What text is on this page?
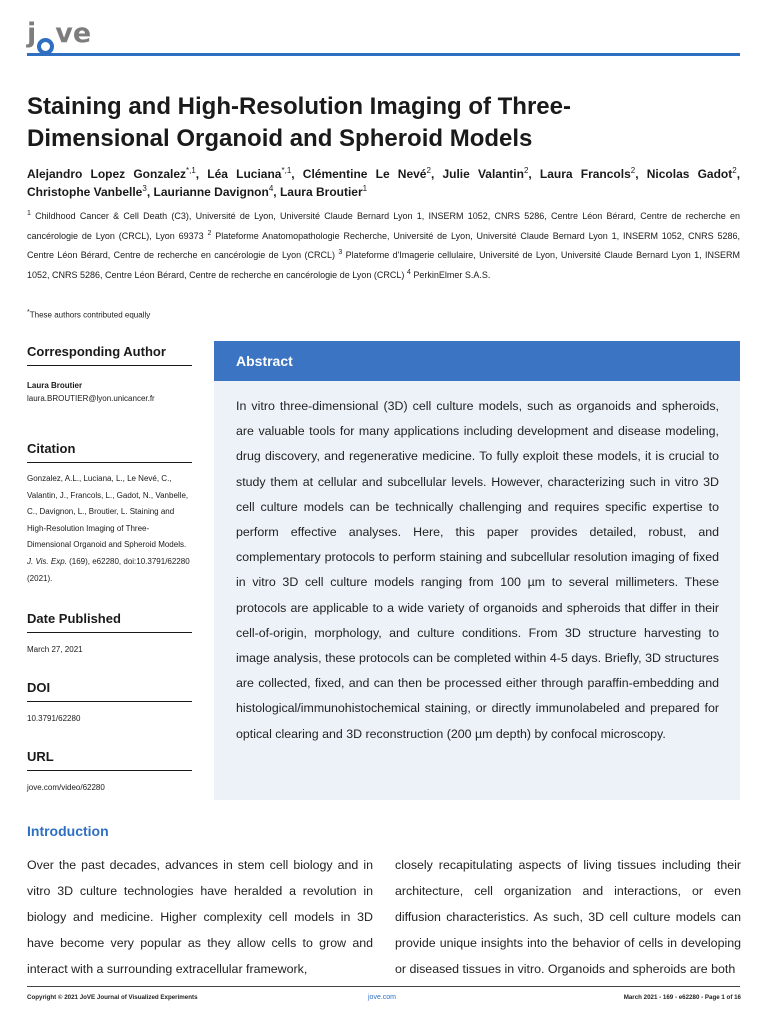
j ve
Staining and High-Resolution Imaging of Three-Dimensional Organoid and Spheroid Models
Alejandro Lopez Gonzalez$^{*,1}$, Léa Luciana$^{*,1}$, Clémentine Le Nevé$^2$, Julie Valantin$^2$, Laura Francols$^2$, Nicolas Gadot$^2$, Christophe Vanbelle$^3$, Laurianne Davignon$^4$, Laura Broutier$^1$
$^1$ Childhood Cancer & Cell Death (C3), Université de Lyon, Université Claude Bernard Lyon 1, INSERM 1052, CNRS 5286, Centre Léon Bérard, Centre de recherche en cancérologie de Lyon (CRCL), Lyon 69373 $^2$ Plateforme Anatomopathologie Recherche, Université de Lyon, Université Claude Bernard Lyon 1, INSERM 1052, CNRS 5286, Centre Léon Bérard, Centre de recherche en cancérologie de Lyon (CRCL) $^3$ Plateforme d'Imagerie cellulaire, Université de Lyon, Université Claude Bernard Lyon 1, INSERM 1052, CNRS 5286, Centre Léon Bérard, Centre de recherche en cancérologie de Lyon (CRCL) $^4$ PerkinElmer S.A.S.
*These authors contributed equally
Corresponding Author
Laura Broutier
laura.BROUTIER@lyon.unicancer.fr
Citation
Gonzalez, A.L., Luciana, L., Le Nevé, C., Valantin, J., Francols, L., Gadot, N., Vanbelle, C., Davignon, L., Broutier, L. Staining and High-Resolution Imaging of Three-Dimensional Organoid and Spheroid Models. J. Vis. Exp. (169), e62280, doi:10.3791/62280 (2021).
Date Published
March 27, 2021
DOI
10.3791/62280
URL
jove.com/video/62280
Abstract

In vitro three-dimensional (3D) cell culture models, such as organoids and spheroids, are valuable tools for many applications including development and disease modeling, drug discovery, and regenerative medicine. To fully exploit these models, it is crucial to study them at cellular and subcellular levels. However, characterizing such in vitro 3D cell culture models can be technically challenging and requires specific expertise to perform effective analyses. Here, this paper provides detailed, robust, and complementary protocols to perform staining and subcellular resolution imaging of fixed in vitro 3D cell culture models ranging from 100 µm to several millimeters. These protocols are applicable to a wide variety of organoids and spheroids that differ in their cell-of-origin, morphology, and culture conditions. From 3D structure harvesting to image analysis, these protocols can be completed within 4-5 days. Briefly, 3D structures are collected, fixed, and can then be processed either through paraffin-embedding and histological/immunohistochemical staining, or directly immunolabeled and prepared for optical clearing and 3D reconstruction (200 µm depth) by confocal microscopy.

Introduction

Over the past decades, advances in stem cell biology and in vitro 3D culture technologies have heralded a revolution in biology and medicine. Higher complexity cell models in 3D have become very popular as they allow cells to grow and interact with a surrounding extracellular framework,

closely recapitulating aspects of living tissues including their architecture, cell organization and interactions, or even diffusion characteristics. As such, 3D cell culture models can provide unique insights into the behavior of cells in developing or diseased tissues in vitro. Organoids and spheroids are both

Copyright © 2021 JoVE Journal of Visualized Experiments	jove.com	March 2021 - 169 - e62280 - Page 1 of 16
